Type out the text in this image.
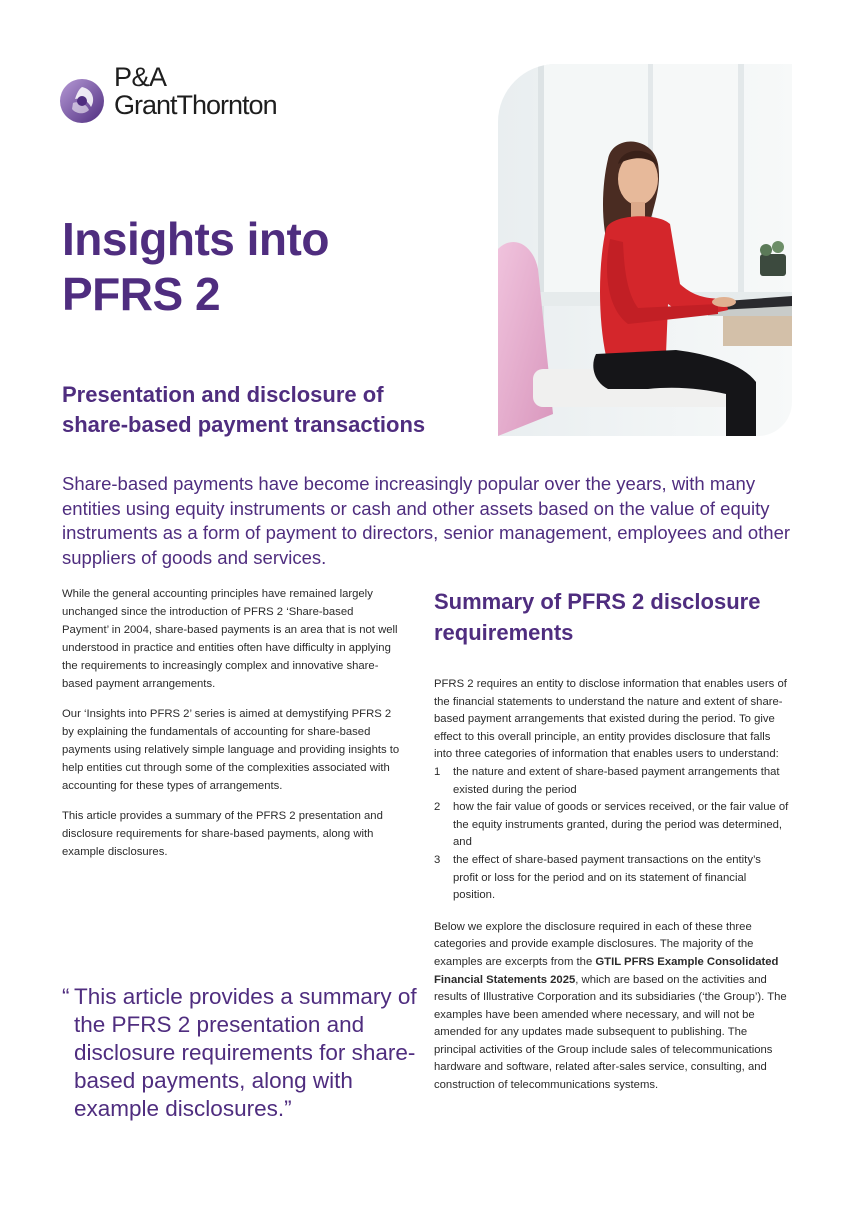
P&A
GrantThornton
Insights into
PFRS 2
Presentation and disclosure of
share-based payment transactions
Share-based payments have become increasingly popular over the years, with many entities using equity instruments or cash and other assets based on the value of equity instruments as a form of payment to directors, senior management, employees and other suppliers of goods and services.

While the general accounting principles have remained largely unchanged since the introduction of PFRS 2 ‘Share-based Payment’ in 2004, share-based payments is an area that is not well understood in practice and entities often have difficulty in applying the requirements to increasingly complex and innovative share-based payment arrangements.

Our ‘Insights into PFRS 2’ series is aimed at demystifying PFRS 2 by explaining the fundamentals of accounting for share-based payments using relatively simple language and providing insights to help entities cut through some of the complexities associated with accounting for these types of arrangements.

This article provides a summary of the PFRS 2 presentation and disclosure requirements for share-based payments, along with example disclosures.

“ This article provides a summary of the PFRS 2 presentation and disclosure requirements for share-based payments, along with example disclosures.”
Summary of PFRS 2 disclosure requirements

PFRS 2 requires an entity to disclose information that enables users of the financial statements to understand the nature and extent of share-based payment arrangements that existed during the period. To give effect to this overall principle, an entity provides disclosure that falls into three categories of information that enables users to understand:

1 the nature and extent of share-based payment arrangements that existed during the period
2 how the fair value of goods or services received, or the fair value of the equity instruments granted, during the period was determined, and
3 the effect of share-based payment transactions on the entity’s profit or loss for the period and on its statement of financial position.

Below we explore the disclosure required in each of these three categories and provide example disclosures. The majority of the examples are excerpts from the GTIL PFRS Example Consolidated Financial Statements 2025, which are based on the activities and results of Illustrative Corporation and its subsidiaries (‘the Group’). The examples have been amended where necessary, and will not be amended for any updates made subsequent to publishing. The principal activities of the Group include sales of telecommunications hardware and software, related after-sales service, consulting, and construction of telecommunications systems.
